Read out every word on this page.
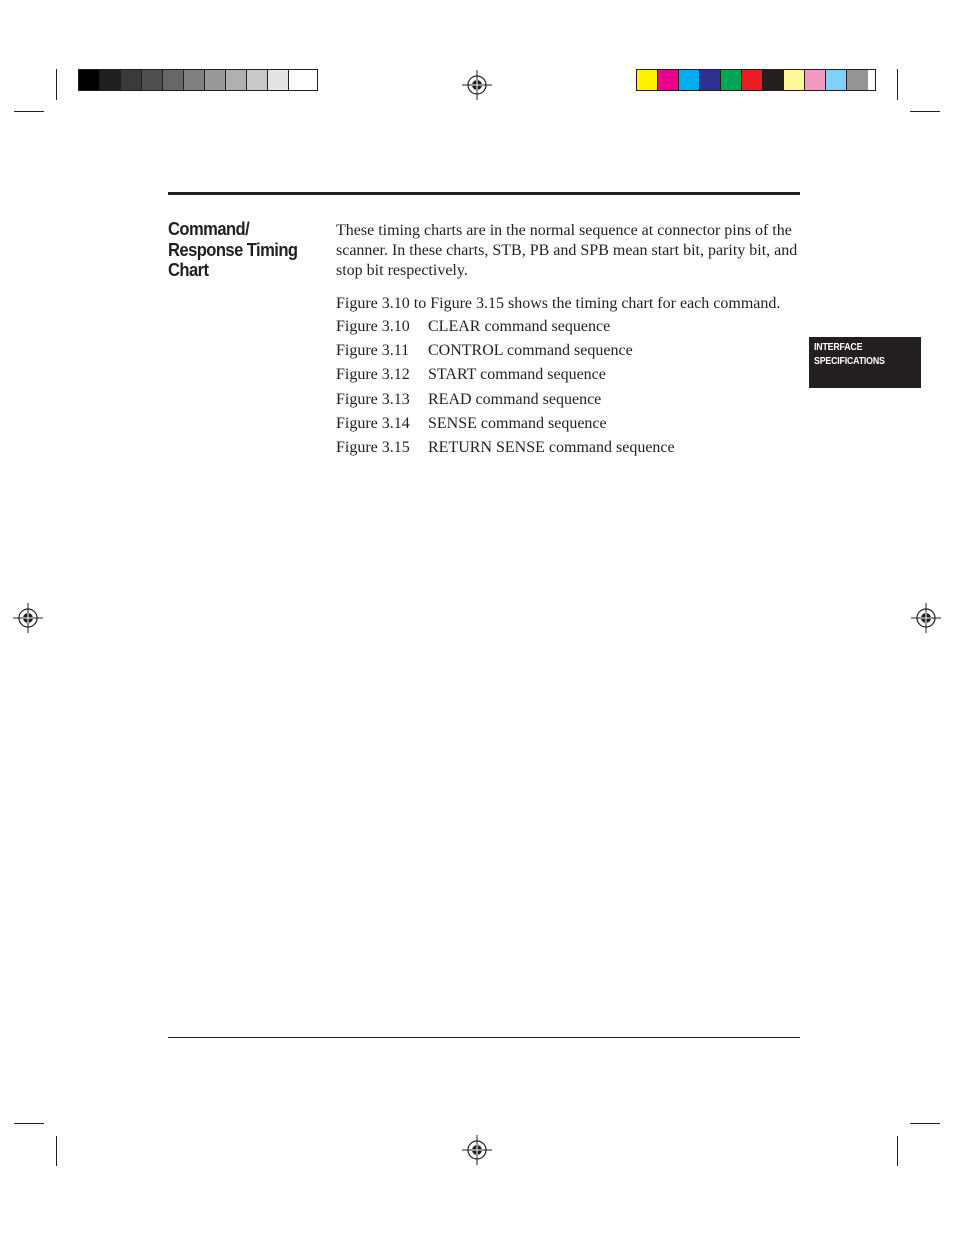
Command/
Response Timing
Chart

These timing charts are in the normal sequence at connector pins of the scanner. In these charts, STB, PB and SPB mean start bit, parity bit, and stop bit respectively.

Figure 3.10 to Figure 3.15 shows the timing chart for each command.

Figure 3.10	CLEAR command sequence
Figure 3.11	CONTROL command sequence
Figure 3.12	START command sequence
Figure 3.13	READ command sequence
Figure 3.14	SENSE command sequence
Figure 3.15	RETURN SENSE command sequence
INTERFACE
SPECIFICATIONS
